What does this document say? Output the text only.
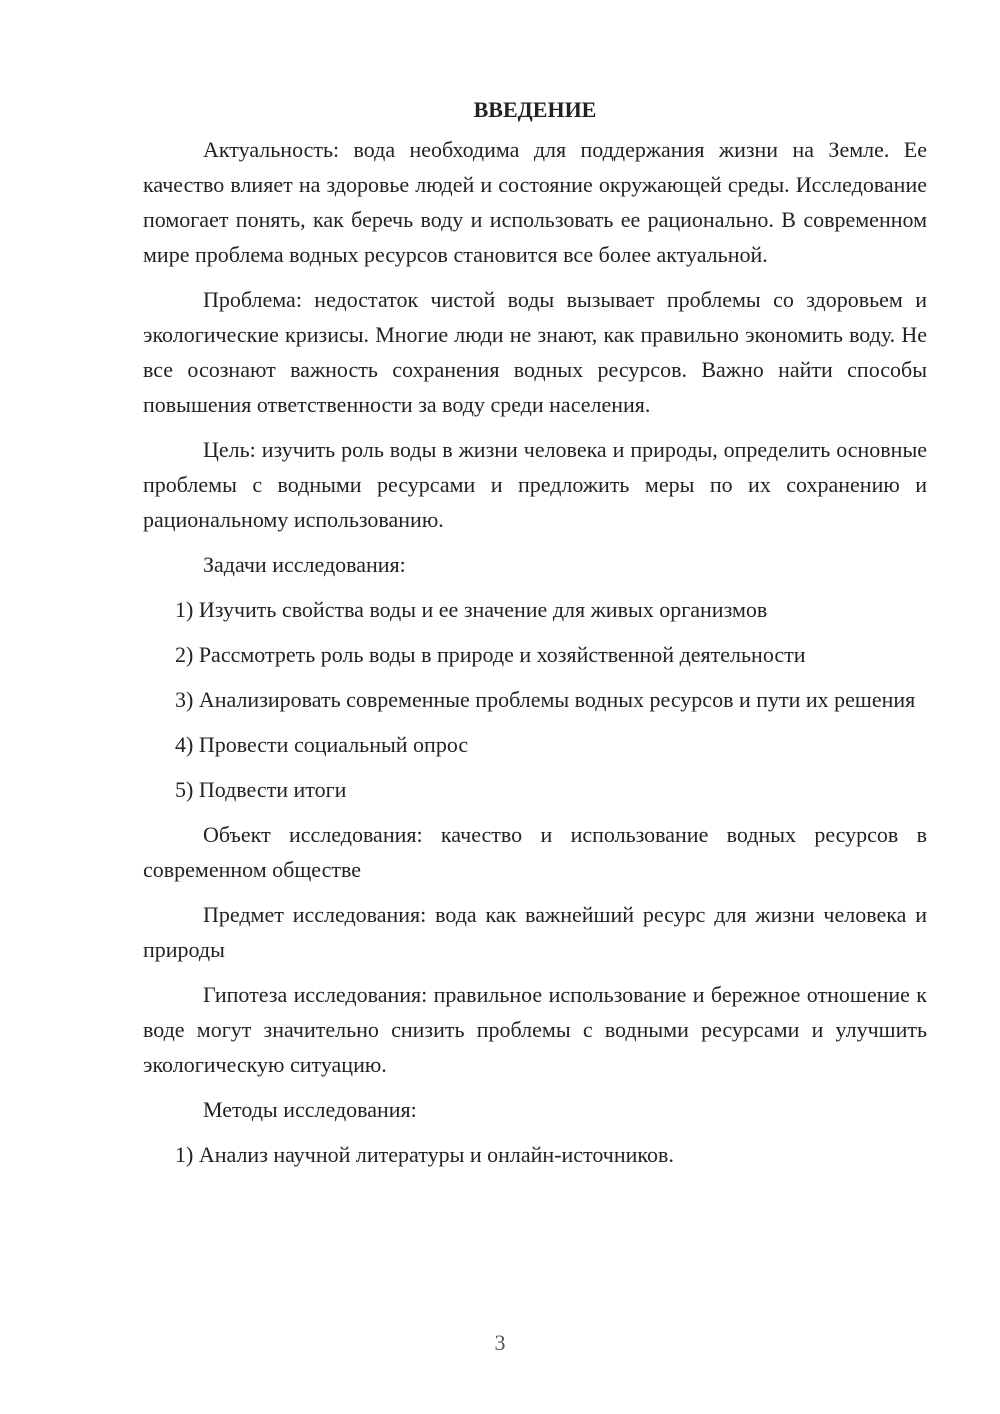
ВВЕДЕНИЕ

Актуальность: вода необходима для поддержания жизни на Земле. Ее качество влияет на здоровье людей и состояние окружающей среды. Исследование помогает понять, как беречь воду и использовать ее рационально. В современном мире проблема водных ресурсов становится все более актуальной.

Проблема: недостаток чистой воды вызывает проблемы со здоровьем и экологические кризисы. Многие люди не знают, как правильно экономить воду. Не все осознают важность сохранения водных ресурсов. Важно найти способы повышения ответственности за воду среди населения.

Цель: изучить роль воды в жизни человека и природы, определить основные проблемы с водными ресурсами и предложить меры по их сохранению и рациональному использованию.

Задачи исследования:

1) Изучить свойства воды и ее значение для живых организмов

2) Рассмотреть роль воды в природе и хозяйственной деятельности

3) Анализировать современные проблемы водных ресурсов и пути их решения

4) Провести социальный опрос

5) Подвести итоги

Объект исследования: качество и использование водных ресурсов в современном обществе

Предмет исследования: вода как важнейший ресурс для жизни человека и природы

Гипотеза исследования: правильное использование и бережное отношение к воде могут значительно снизить проблемы с водными ресурсами и улучшить экологическую ситуацию.

Методы исследования:

1) Анализ научной литературы и онлайн-источников.

3
